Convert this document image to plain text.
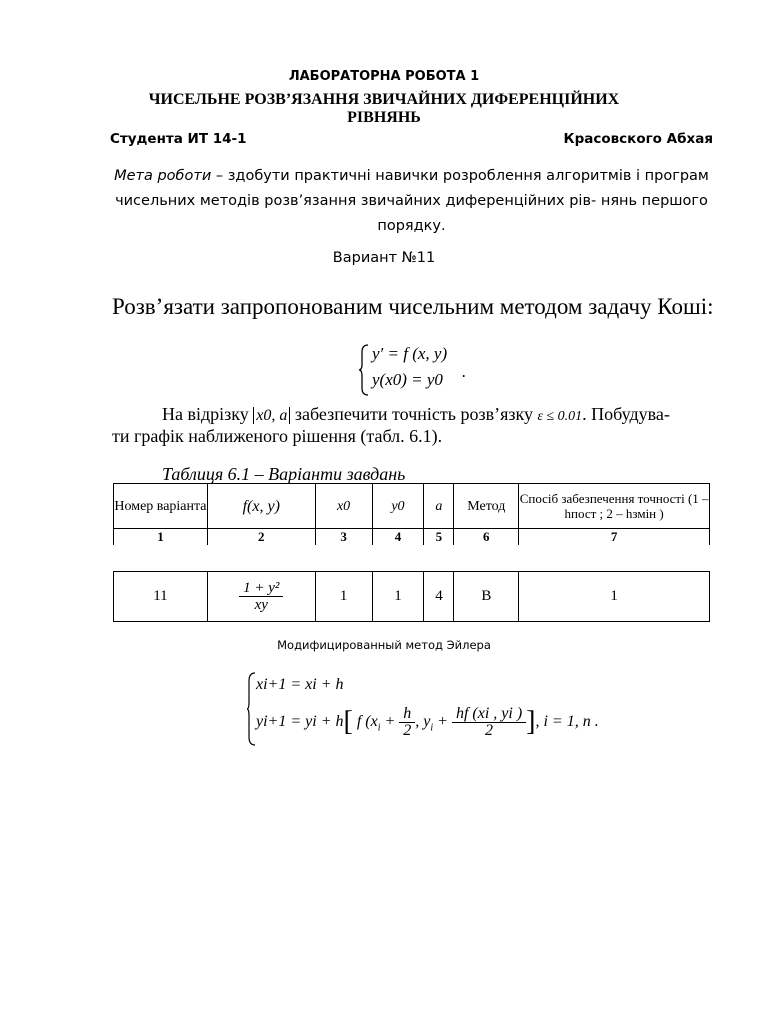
ЛАБОРАТОРНА РОБОТА 1
ЧИСЕЛЬНЕ РОЗВ’ЯЗАННЯ ЗВИЧАЙНИХ ДИФЕРЕНЦІЙНИХ
РІВНЯНЬ
Студента ИТ 14-1	Красовского Абхая
Мета роботи – здобути практичні навички розроблення алгоритмів і програм чисельних методів розв’язання звичайних диференційних рів- нянь першого порядку.
Вариант №11
Розв’язати запропонованим чисельним методом задачу Коші:
y′ = f (x, y)
y(x0) = y0 .
На відрізку x0, a забезпечити точність розв’язку ε ≤ 0.01. Побудува-
ти графік наближеного рішення (табл. 6.1).
Таблиця 6.1 – Варіанти завдань
Номер варіанта	f(x, y)	x0	y0	a	Метод	Спосіб забезпечення точності (1 – hпост ; 2 – hзмін )
1	2	3	4	5	6	7
11	$\frac{\text{1 + y²}}{xy}$	1	1	4	В	1
Модифицированный метод Эйлера
xi+1 = xi + h
yi+1 = yi + h[ f ($x_i + \frac{h}{2}$ , $y_i + \frac{hf (xi , yi )}{2}$ ], i = 1, n .
